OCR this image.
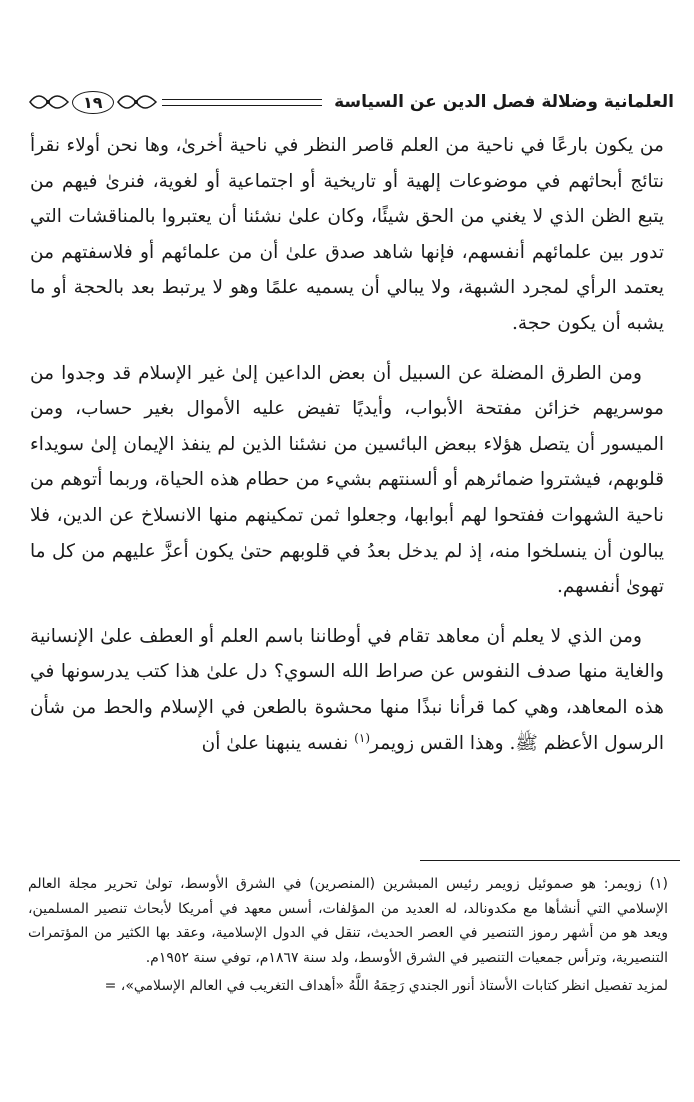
العلمانية وضلالة فصل الدين عن السياسة
١٩

من يكون بارعًا في ناحية من العلم قاصر النظر في ناحية أخرىٰ، وها نحن أولاء نقرأ نتائج أبحاثهم في موضوعات إلهية أو تاريخية أو اجتماعية أو لغوية، فنرىٰ فيهم من يتبع الظن الذي لا يغني من الحق شيئًا، وكان علىٰ نشئنا أن يعتبروا بالمناقشات التي تدور بين علمائهم أنفسهم، فإنها شاهد صدق علىٰ أن من علمائهم أو فلاسفتهم من يعتمد الرأي لمجرد الشبهة، ولا يبالي أن يسميه علمًا وهو لا يرتبط بعد بالحجة أو ما يشبه أن يكون حجة.

ومن الطرق المضلة عن السبيل أن بعض الداعين إلىٰ غير الإسلام قد وجدوا من موسريهم خزائن مفتحة الأبواب، وأيديًا تفيض عليه الأموال بغير حساب، ومن الميسور أن يتصل هؤلاء ببعض البائسين من نشئنا الذين لم ينفذ الإيمان إلىٰ سويداء قلوبهم، فيشتروا ضمائرهم أو ألسنتهم بشيء من حطام هذه الحياة، وربما أتوهم من ناحية الشهوات ففتحوا لهم أبوابها، وجعلوا ثمن تمكينهم منها الانسلاخ عن الدين، فلا يبالون أن ينسلخوا منه، إذ لم يدخل بعدُ في قلوبهم حتىٰ يكون أعزَّ عليهم من كل ما تهوىٰ أنفسهم.

ومن الذي لا يعلم أن معاهد تقام في أوطاننا باسم العلم أو العطف علىٰ الإنسانية والغاية منها صدف النفوس عن صراط الله السوي؟ دل علىٰ هذا كتب يدرسونها في هذه المعاهد، وهي كما قرأنا نبذًا منها محشوة بالطعن في الإسلام والحط من شأن الرسول الأعظم ﷺ. وهذا القس زويمر$^{(١)}$ نفسه ينبهنا علىٰ أن

(١) زويمر: هو صموئيل زويمر رئيس المبشرين (المنصرين) في الشرق الأوسط، تولىٰ تحرير مجلة العالم الإسلامي التي أنشأها مع مكدونالد، له العديد من المؤلفات، أسس معهد في أمريكا لأبحاث تنصير المسلمين، ويعد هو من أشهر رموز التنصير في العصر الحديث، تنقل في الدول الإسلامية، وعقد بها الكثير من المؤتمرات التنصيرية، وترأس جمعيات التنصير في الشرق الأوسط، ولد سنة ١٨٦٧م، توفي سنة ١٩٥٢م.

لمزيد تفصيل انظر كتابات الأستاذ أنور الجندي رَحِمَهُ اللَّهُ «أهداف التغريب في العالم الإسلامي»، =
